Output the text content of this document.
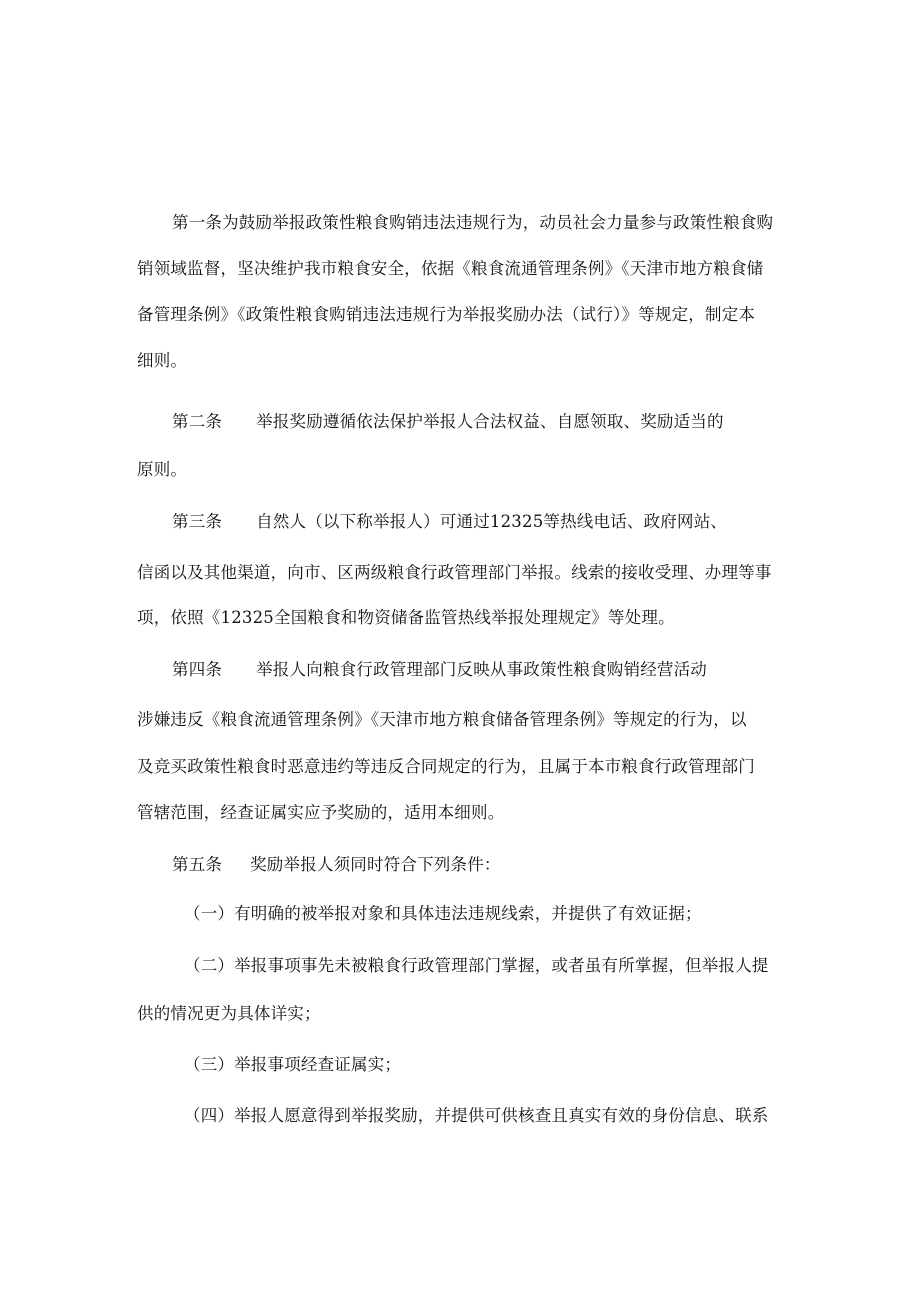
第一条为鼓励举报政策性粮食购销违法违规行为，动员社会力量参与政策性粮食购
销领域监督，坚决维护我市粮食安全，依据《粮食流通管理条例》《天津市地方粮食储
备管理条例》《政策性粮食购销违法违规行为举报奖励办法（试行）》等规定，制定本
细则。
第二条 举报奖励遵循依法保护举报人合法权益、自愿领取、奖励适当的
原则。
第三条 自然人（以下称举报人）可通过12325等热线电话、政府网站、
信函以及其他渠道，向市、区两级粮食行政管理部门举报。线索的接收受理、办理等事
项，依照《12325全国粮食和物资储备监管热线举报处理规定》等处理。
第四条 举报人向粮食行政管理部门反映从事政策性粮食购销经营活动
涉嫌违反《粮食流通管理条例》《天津市地方粮食储备管理条例》等规定的行为，以
及竞买政策性粮食时恶意违约等违反合同规定的行为，且属于本市粮食行政管理部门
管辖范围，经查证属实应予奖励的，适用本细则。
第五条 奖励举报人须同时符合下列条件：
（一）有明确的被举报对象和具体违法违规线索，并提供了有效证据；
（二）举报事项事先未被粮食行政管理部门掌握，或者虽有所掌握，但举报人提
供的情况更为具体详实；
（三）举报事项经查证属实；
（四）举报人愿意得到举报奖励，并提供可供核查且真实有效的身份信息、联系
